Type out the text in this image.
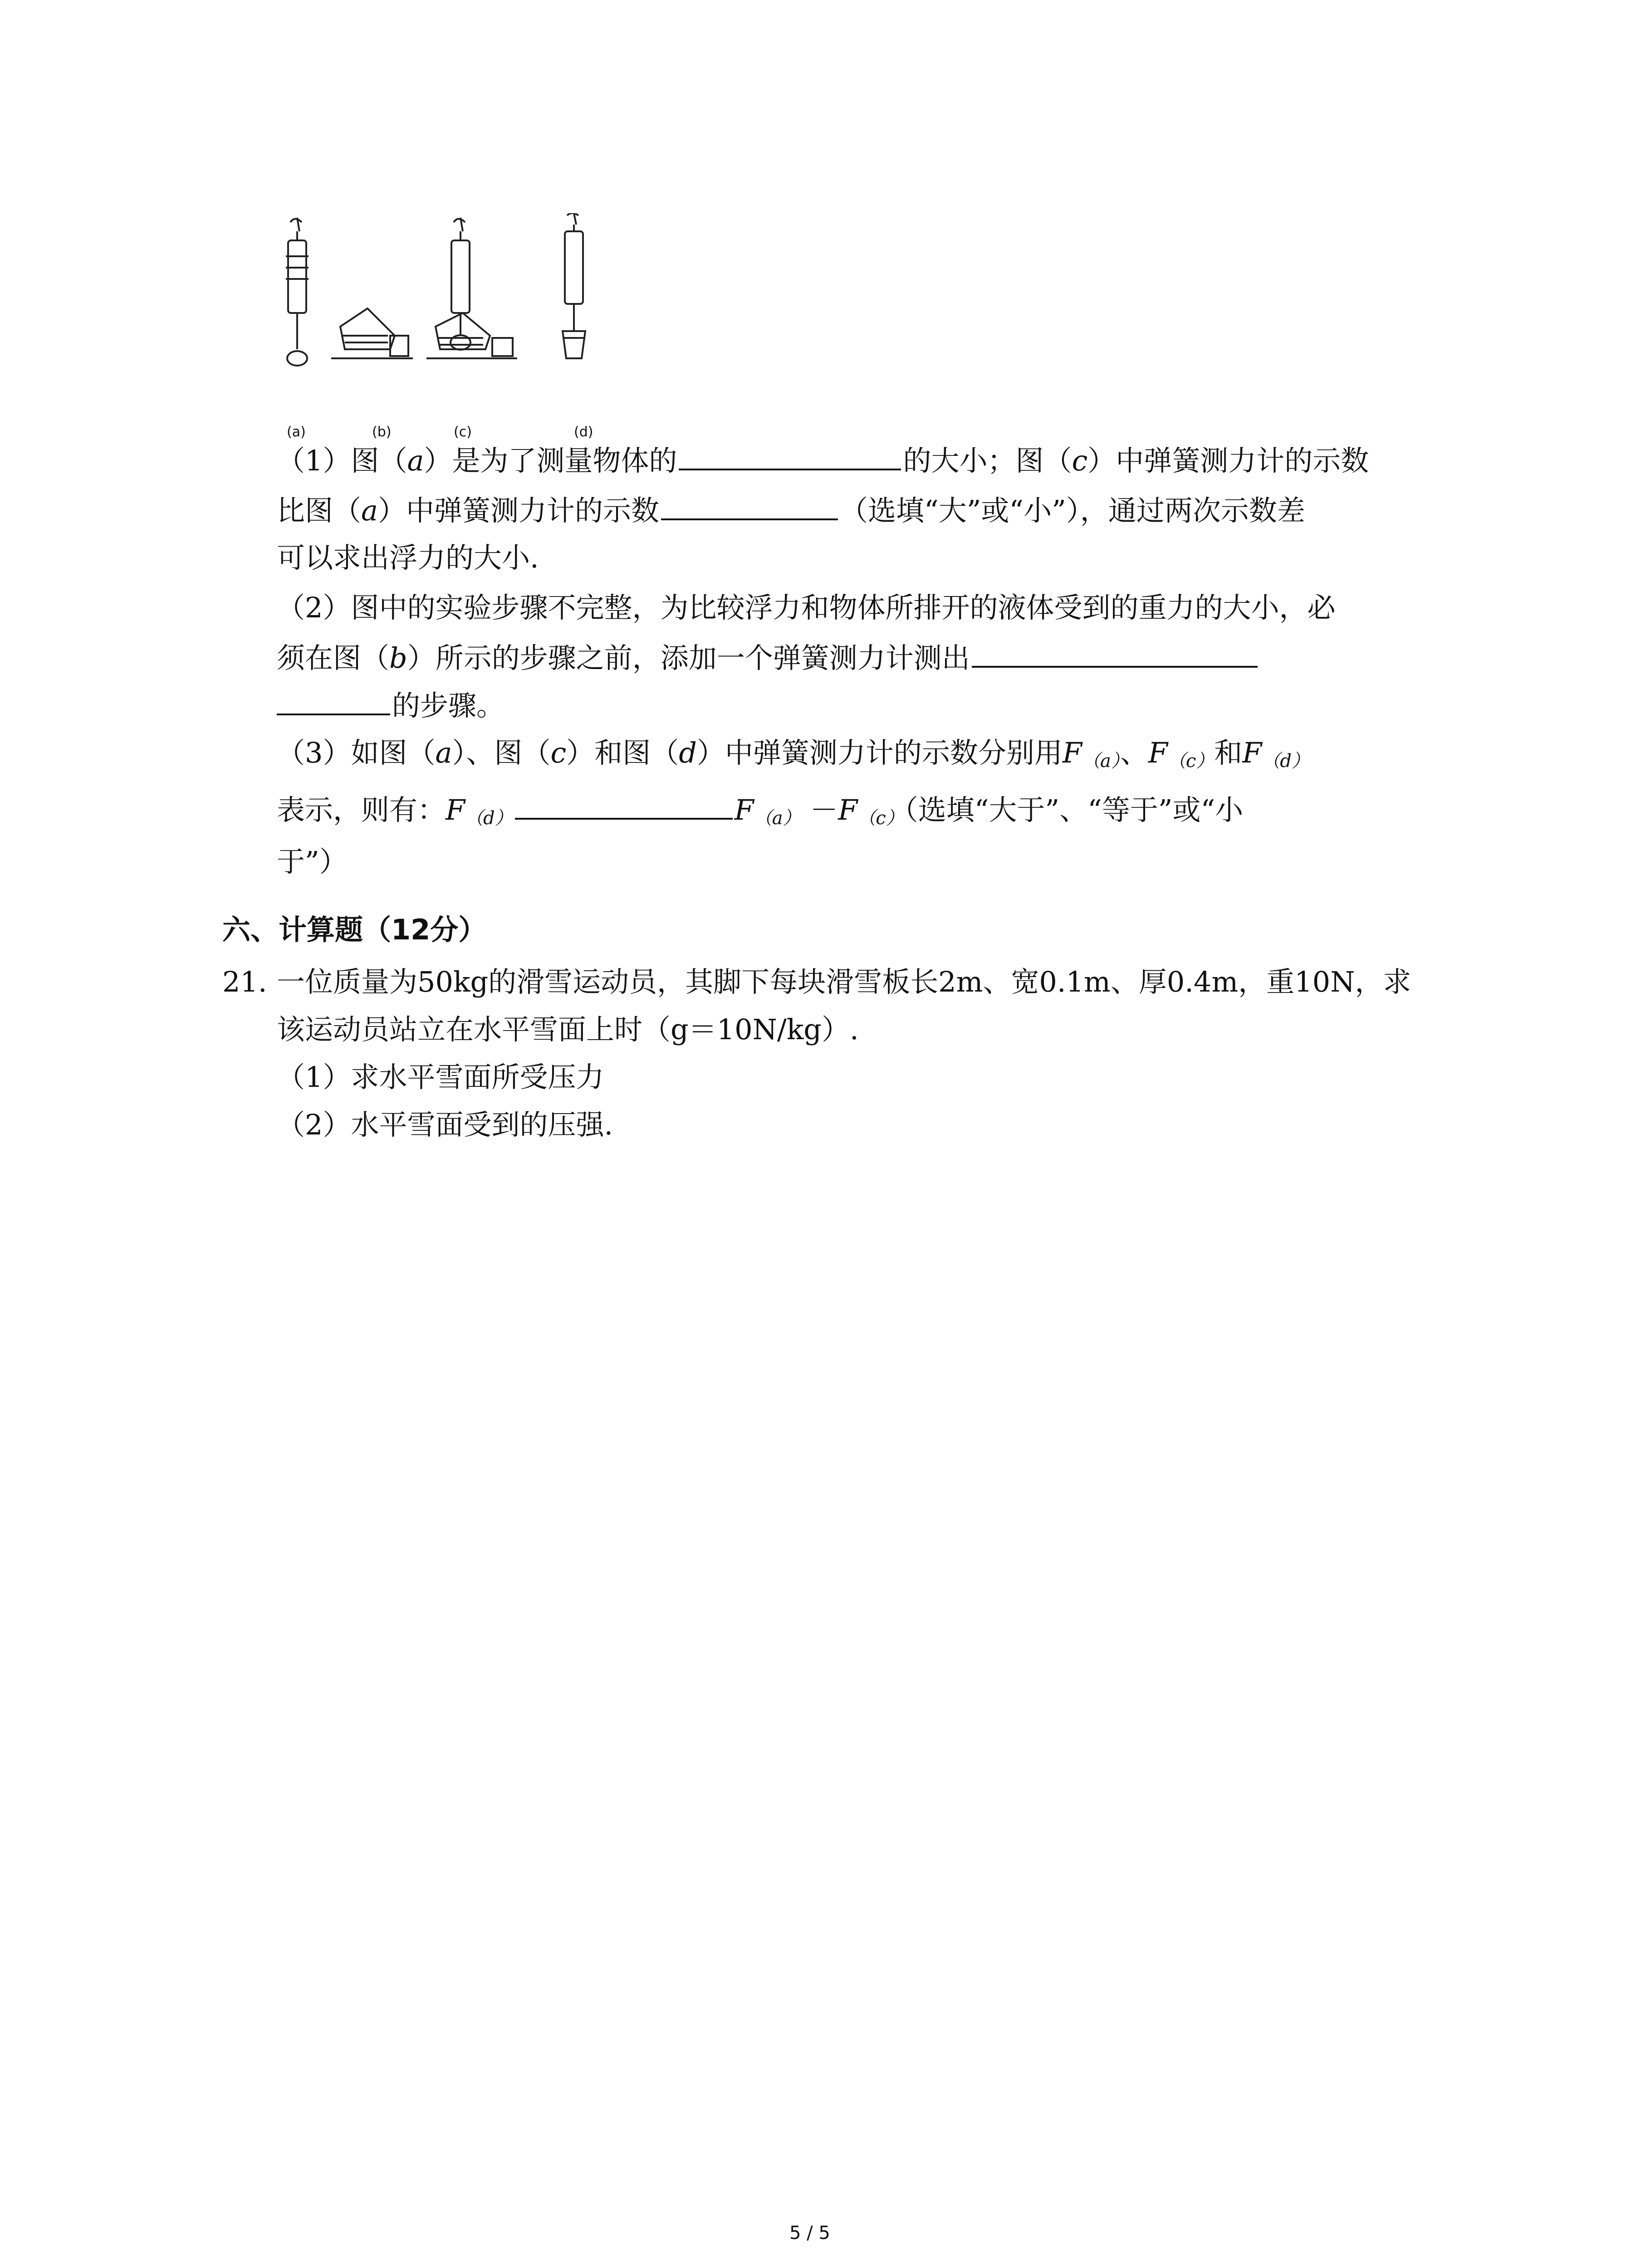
(a)	(b)	(c)	(d)
（1）图（a）是为了测量物体的	的大小；图（c）中弹簧测力计的示数
比图（a）中弹簧测力计的示数	（选填“大”或“小”），通过两次示数差
可以求出浮力的大小.
（2）图中的实验步骤不完整，为比较浮力和物体所排开的液体受到的重力的大小，必
须在图（b）所示的步骤之前，添加一个弹簧测力计测出
的步骤。
（3）如图（a）、图（c）和图（d）中弹簧测力计的示数分别用$F_{(a)}$、$F_{(c)}$和$F_{(d)}$
表示，则有：$F_{(d)}$	$F_{(a)} -F_{(c)}$（选填“大于”、“等于”或“小
于”）
六、计算题（12分）
21. 一位质量为50kg的滑雪运动员，其脚下每块滑雪板长2m、宽0.1m、厚0.4m，重10N，求
该运动员站立在水平雪面上时（g＝10N/kg）.
（1）求水平雪面所受压力
（2）水平雪面受到的压强.
5 / 5
